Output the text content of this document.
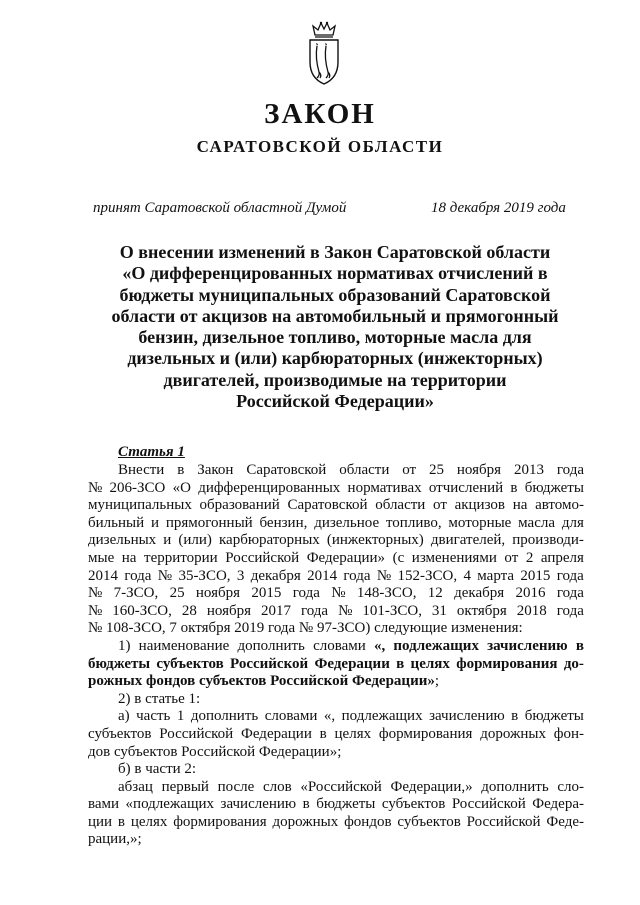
ЗАКОН
САРАТОВСКОЙ ОБЛАСТИ
принят Саратовской областной Думой	18 декабря 2019 года
О внесении изменений в Закон Саратовской области
«О дифференцированных нормативах отчислений в
бюджеты муниципальных образований Саратовской
области от акцизов на автомобильный и прямогонный
бензин, дизельное топливо, моторные масла для
дизельных и (или) карбюраторных (инжекторных)
двигателей, производимые на территории
Российской Федерации»
Статья 1
Внести в Закон Саратовской области от 25 ноября 2013 года
№ 206-ЗСО «О дифференцированных нормативах отчислений в бюджеты
муниципальных образований Саратовской области от акцизов на автомо-
бильный и прямогонный бензин, дизельное топливо, моторные масла для
дизельных и (или) карбюраторных (инжекторных) двигателей, производи-
мые на территории Российской Федерации» (с изменениями от 2 апреля
2014 года № 35-ЗСО, 3 декабря 2014 года № 152-ЗСО, 4 марта 2015 года
№ 7-ЗСО, 25 ноября 2015 года № 148-ЗСО, 12 декабря 2016 года
№ 160-ЗСО, 28 ноября 2017 года № 101-ЗСО, 31 октября 2018 года
№ 108-ЗСО, 7 октября 2019 года № 97-ЗСО) следующие изменения:
1) наименование дополнить словами «, подлежащих зачислению в
бюджеты субъектов Российской Федерации в целях формирования до-
рожных фондов субъектов Российской Федерации» ;
2) в статье 1:
а) часть 1 дополнить словами «, подлежащих зачислению в бюджеты
субъектов Российской Федерации в целях формирования дорожных фон-
дов субъектов Российской Федерации»;
б) в части 2:
абзац первый после слов «Российской Федерации,» дополнить сло-
вами «подлежащих зачислению в бюджеты субъектов Российской Федера-
ции в целях формирования дорожных фондов субъектов Российской Феде-
рации,»;
